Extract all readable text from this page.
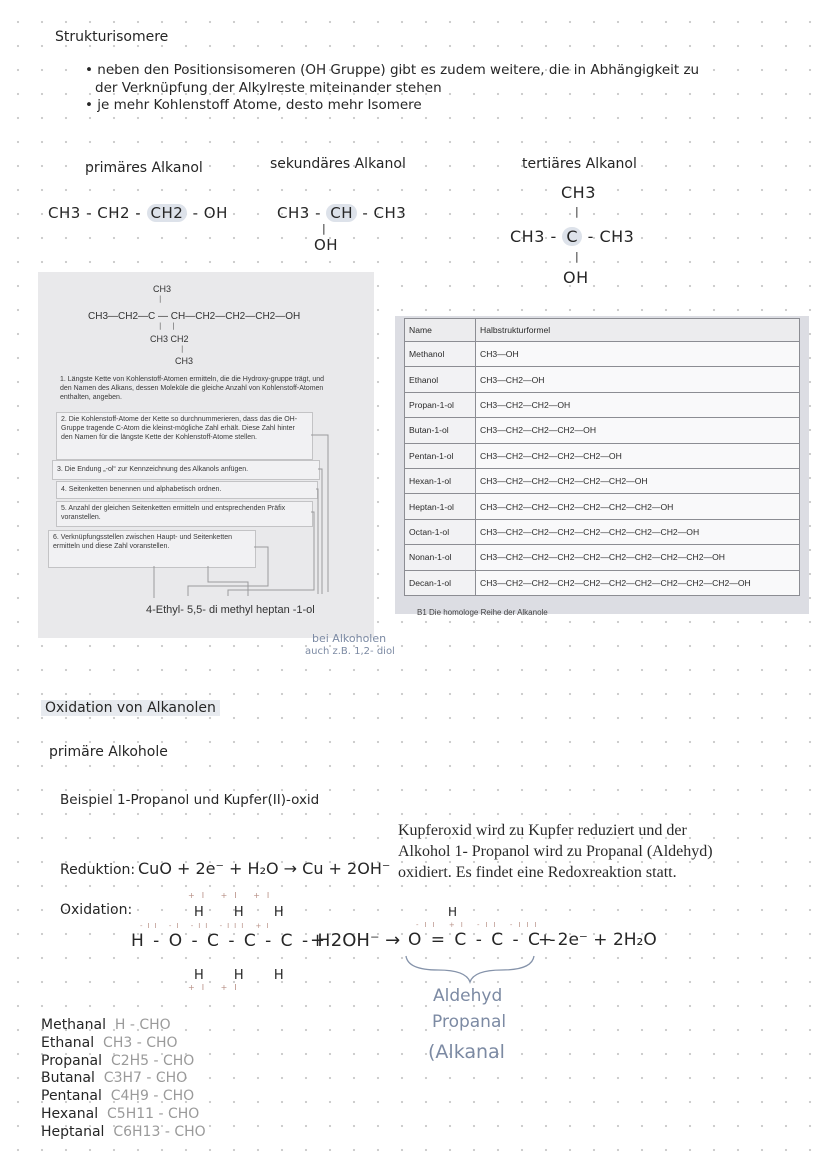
Strukturisomere
• neben den Positionsisomeren (OH Gruppe) gibt es zudem weitere, die in Abhängigkeit zu
der Verknüpfung der Alkylreste miteinander stehen
• je mehr Kohlenstoff Atome, desto mehr Isomere
primäres Alkanol	sekundäres Alkanol	tertiäres Alkanol
CH3 - CH2 - CH2 - OH	CH3 - CH - CH3
|
OH
CH3
|
CH3 - C - CH3
|
OH
CH3
|
CH3—CH2—C — CH—CH2—CH2—CH2—OH
|     |
CH3 CH2
|
CH3
1. Längste Kette von Kohlenstoff-Atomen ermitteln, die die Hydroxy-gruppe trägt, und den Namen des Alkans, dessen Moleküle die gleiche Anzahl von Kohlenstoff-Atomen enthalten, angeben.
2. Die Kohlenstoff-Atome der Kette so durchnummerieren, dass das die OH-Gruppe tragende C-Atom die kleinst-mögliche Zahl erhält. Diese Zahl hinter den Namen für die längste Kette der Kohlenstoff-Atome stellen.
3. Die Endung „-ol“ zur Kennzeichnung des Alkanols anfügen.
4. Seitenketten benennen und alphabetisch ordnen.
5. Anzahl der gleichen Seitenketten ermitteln und entsprechenden Präfix voranstellen.
6. Verknüpfungsstellen zwischen Haupt- und Seitenketten ermitteln und diese Zahl voranstellen.
4-Ethyl- 5,5- di methyl heptan -1-ol
bei Alkoholen
auch z.B. 1,2- diol
Name	Halbstrukturformel
Methanol	CH3—OH
Ethanol	CH3—CH2—OH
Propan-1-ol	CH3—CH2—CH2—OH
Butan-1-ol	CH3—CH2—CH2—CH2—OH
Pentan-1-ol	CH3—CH2—CH2—CH2—CH2—OH
Hexan-1-ol	CH3—CH2—CH2—CH2—CH2—CH2—OH
Heptan-1-ol	CH3—CH2—CH2—CH2—CH2—CH2—CH2—OH
Octan-1-ol	CH3—CH2—CH2—CH2—CH2—CH2—CH2—CH2—OH
Nonan-1-ol	CH3—CH2—CH2—CH2—CH2—CH2—CH2—CH2—CH2—OH
Decan-1-ol	CH3—CH2—CH2—CH2—CH2—CH2—CH2—CH2—CH2—CH2—OH
B1 Die homologe Reihe der Alkanole
Oxidation von Alkanolen
primäre Alkohole
Beispiel 1-Propanol und Kupfer(II)-oxid
Kupferoxid wird zu Kupfer reduziert und der
Alkohol 1- Propanol wird zu Propanal (Aldehyd)
oxidiert. Es findet eine Redoxreaktion statt.
Reduktion: CuO + 2e⁻ + H₂O → Cu + 2OH⁻
Oxidation:
+I +I +I
H H H
-II -I -II -III +I
H - O - C - C - C - H
H H H
+I +I
+ 2OH⁻ →
H
-II +I -II -III
O = C - C - C -
+ 2e⁻ + 2H₂O
Aldehyd
Propanal
(Alkanal
Methanal H - CHO
Ethanal CH3 - CHO
Propanal C2H5 - CHO
Butanal C3H7 - CHO
Pentanal C4H9 - CHO
Hexanal C5H11 - CHO
Heptanal C6H13 - CHO
